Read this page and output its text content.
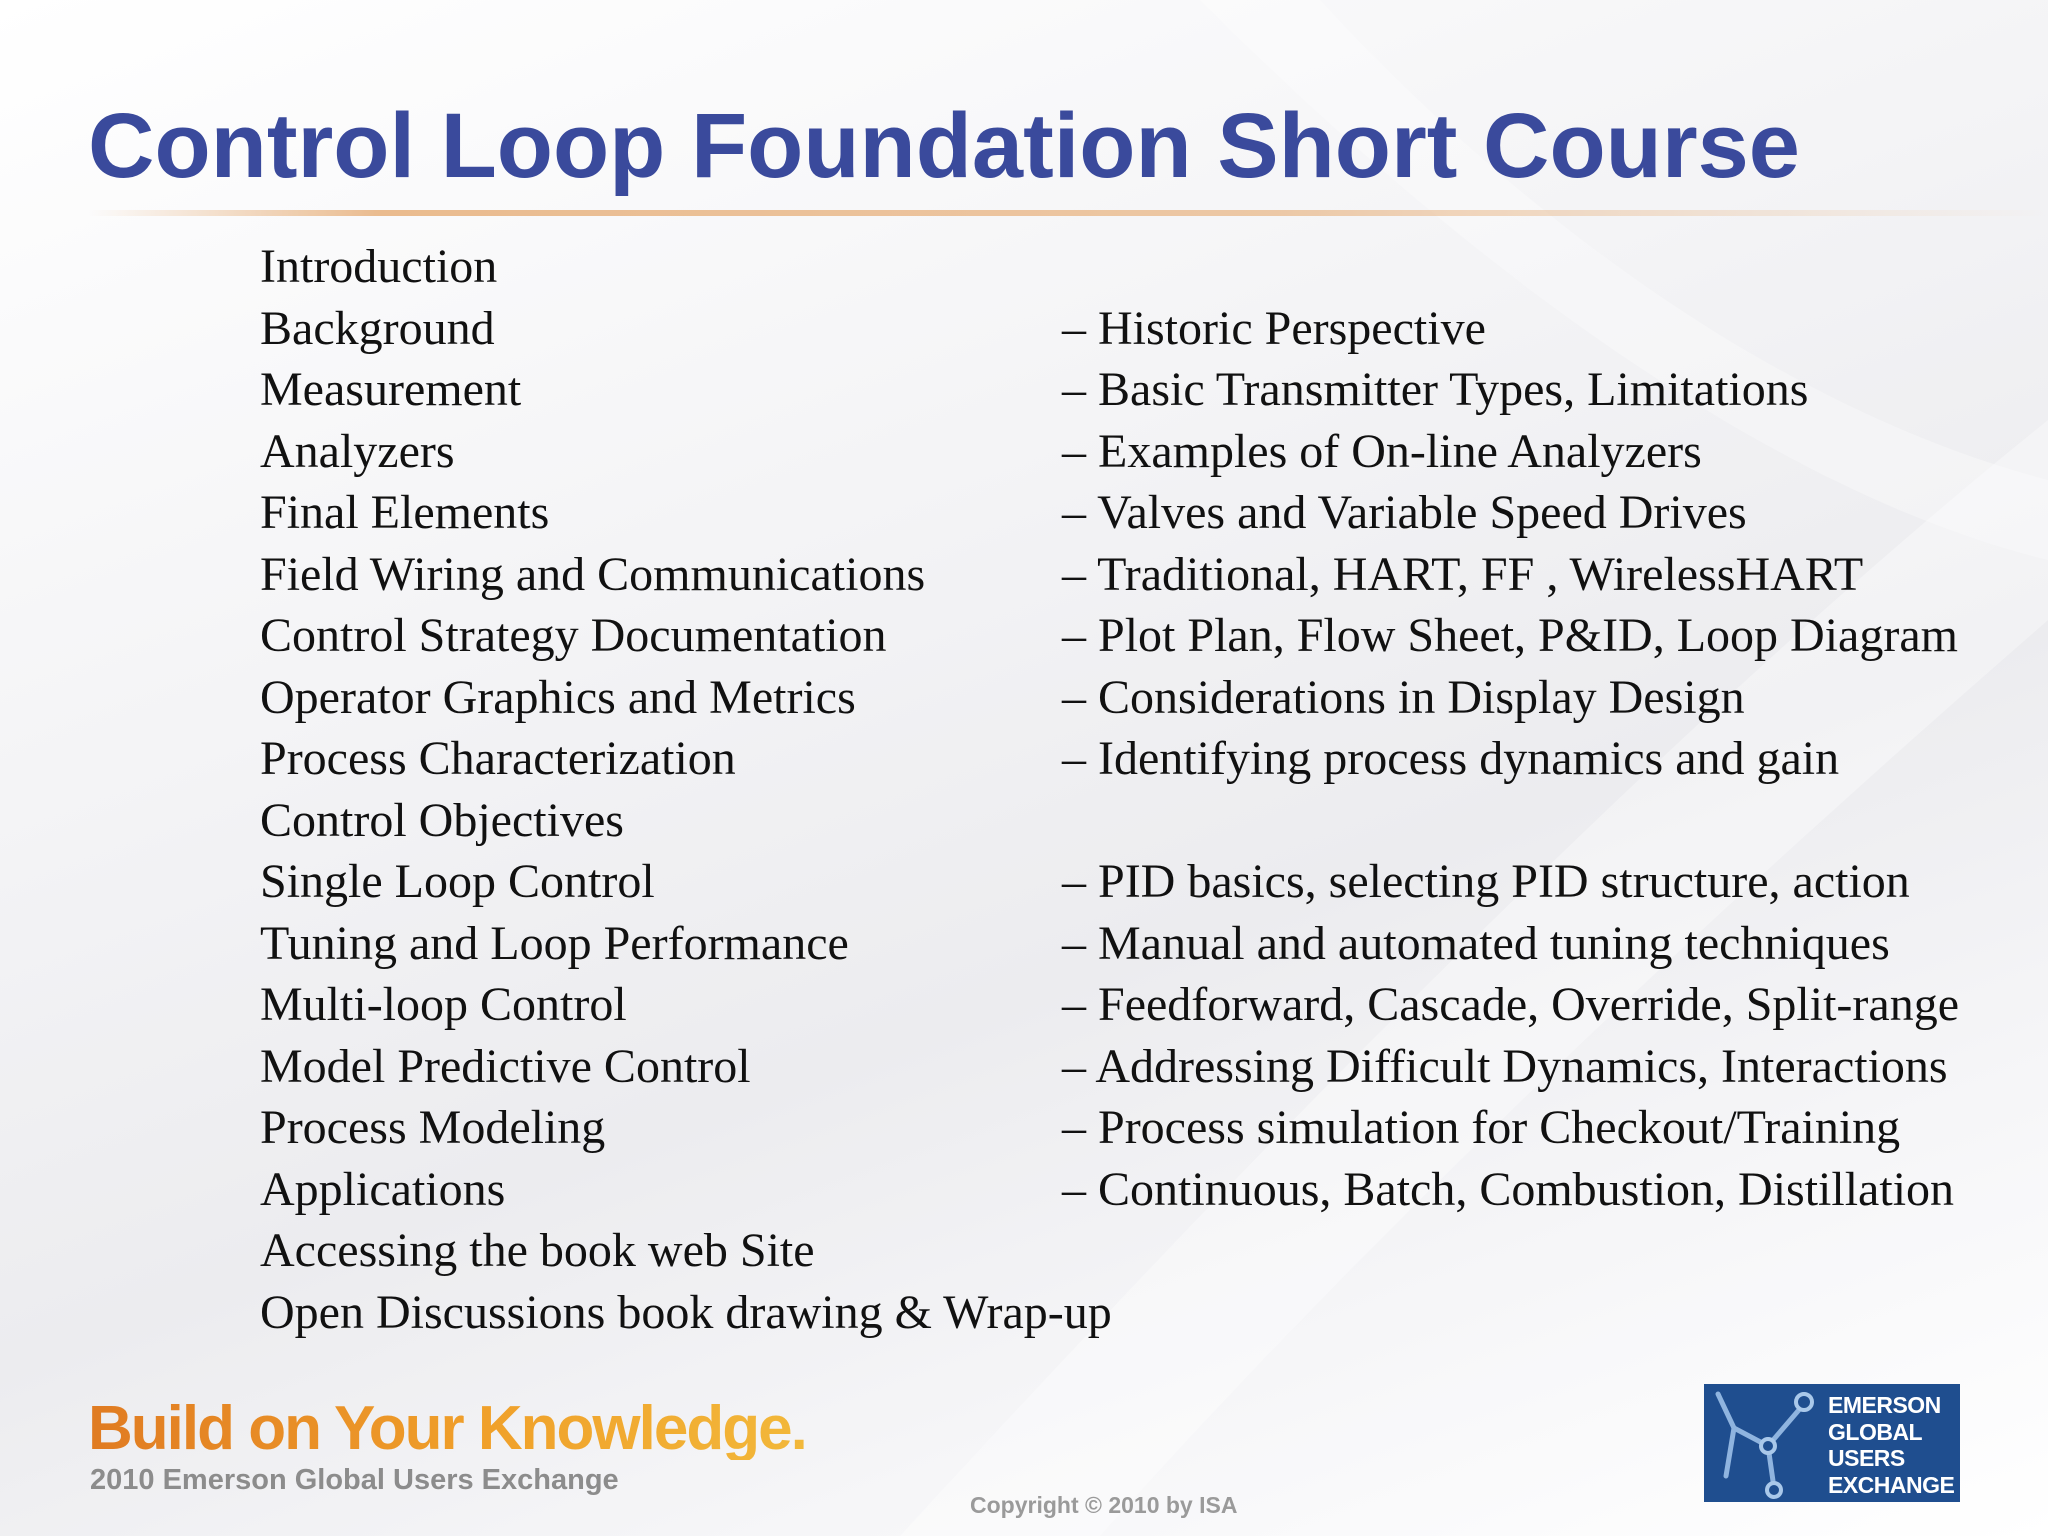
Control Loop Foundation Short Course
Introduction
Background	– Historic Perspective
Measurement	– Basic Transmitter Types, Limitations
Analyzers	– Examples of On-line Analyzers
Final Elements	– Valves and Variable Speed Drives
Field Wiring and Communications	– Traditional, HART, FF , WirelessHART
Control Strategy Documentation	– Plot Plan, Flow Sheet, P&ID, Loop Diagram
Operator Graphics and Metrics	– Considerations in Display Design
Process Characterization	– Identifying process dynamics and gain
Control Objectives
Single Loop Control	– PID basics, selecting PID structure, action
Tuning and Loop Performance	– Manual and automated tuning techniques
Multi-loop Control	– Feedforward, Cascade, Override, Split-range
Model Predictive Control	– Addressing Difficult Dynamics, Interactions
Process Modeling	– Process simulation for Checkout/Training
Applications	– Continuous, Batch, Combustion, Distillation
Accessing the book web Site
Open Discussions book drawing & Wrap-up
Build on Your Knowledge.
2010 Emerson Global Users Exchange
Copyright © 2010 by ISA
EMERSON
GLOBAL
USERS
EXCHANGE
